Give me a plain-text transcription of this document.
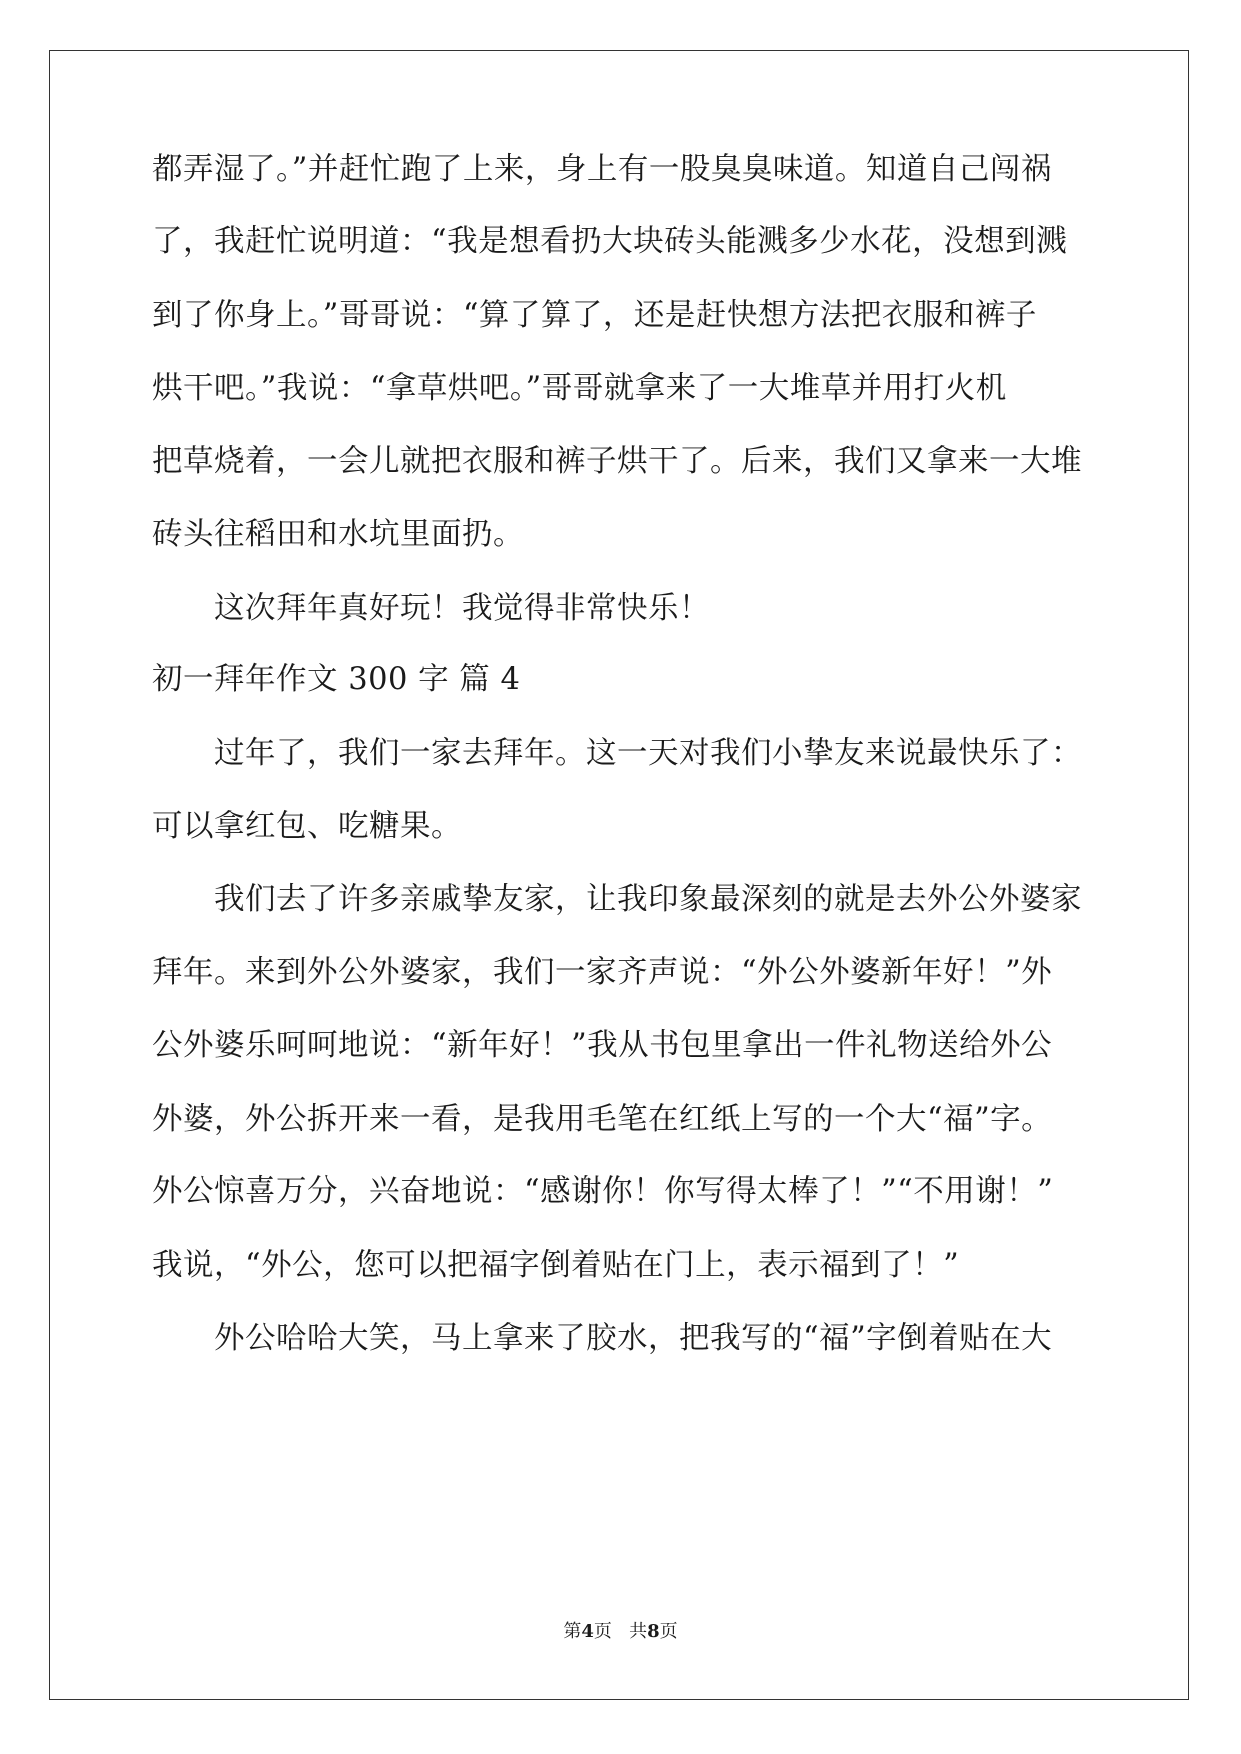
都弄湿了。”并赶忙跑了上来，身上有一股臭臭味道。知道自己闯祸
了，我赶忙说明道：“我是想看扔大块砖头能溅多少水花，没想到溅
到了你身上。”哥哥说：“算了算了，还是赶快想方法把衣服和裤子
烘干吧。”我说：“拿草烘吧。”哥哥就拿来了一大堆草并用打火机
把草烧着，一会儿就把衣服和裤子烘干了。后来，我们又拿来一大堆
砖头往稻田和水坑里面扔。
　　这次拜年真好玩！我觉得非常快乐！
初一拜年作文 300 字 篇 4
　　过年了，我们一家去拜年。这一天对我们小挚友来说最快乐了：
可以拿红包、吃糖果。
　　我们去了许多亲戚挚友家，让我印象最深刻的就是去外公外婆家
拜年。来到外公外婆家，我们一家齐声说：“外公外婆新年好！”外
公外婆乐呵呵地说：“新年好！”我从书包里拿出一件礼物送给外公
外婆，外公拆开来一看，是我用毛笔在红纸上写的一个大“福”字。
外公惊喜万分，兴奋地说：“感谢你！你写得太棒了！”“不用谢！”
我说，“外公，您可以把福字倒着贴在门上，表示福到了！”
　　外公哈哈大笑，马上拿来了胶水，把我写的“福”字倒着贴在大
第4页 共8页
